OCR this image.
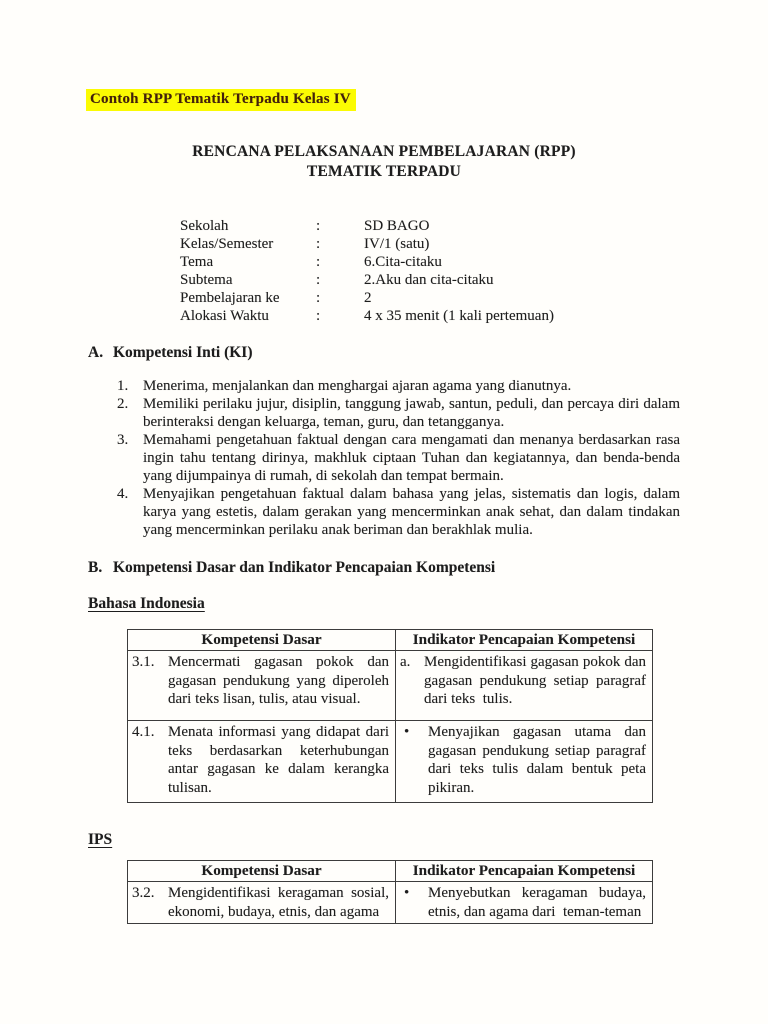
Contoh RPP Tematik Terpadu Kelas IV
RENCANA PELAKSANAAN PEMBELAJARAN (RPP)
TEMATIK TERPADU
Sekolah	:	SD BAGO
Kelas/Semester	:	IV/1 (satu)
Tema	:	6.Cita-citaku
Subtema	:	2.Aku dan cita-citaku
Pembelajaran ke	:	2
Alokasi Waktu	:	4 x 35 menit (1 kali pertemuan)
A. Kompetensi Inti (KI)
1. Menerima, menjalankan dan menghargai ajaran agama yang dianutnya.
2. Memiliki perilaku jujur, disiplin, tanggung jawab, santun, peduli, dan percaya diri dalam berinteraksi dengan keluarga, teman, guru, dan tetangganya.
3. Memahami pengetahuan faktual dengan cara mengamati dan menanya berdasarkan rasa ingin tahu tentang dirinya, makhluk ciptaan Tuhan dan kegiatannya, dan benda-benda yang dijumpainya di rumah, di sekolah dan tempat bermain.
4. Menyajikan pengetahuan faktual dalam bahasa yang jelas, sistematis dan logis, dalam karya yang estetis, dalam gerakan yang mencerminkan anak sehat, dan dalam tindakan yang mencerminkan perilaku anak beriman dan berakhlak mulia.
B. Kompetensi Dasar dan Indikator Pencapaian Kompetensi
Bahasa Indonesia
Kompetensi Dasar	Indikator Pencapaian Kompetensi

3.1. Mencermati gagasan pokok dan gagasan pendukung yang diperoleh dari teks lisan, tulis, atau visual.	a. Mengidentifikasi gagasan pokok dan gagasan pendukung setiap paragraf dari teks  tulis.

4.1. Menata informasi yang didapat dari teks berdasarkan keterhubungan antar gagasan ke dalam kerangka tulisan.	• Menyajikan gagasan utama dan gagasan pendukung setiap paragraf dari teks tulis dalam bentuk peta pikiran.
IPS
Kompetensi Dasar	Indikator Pencapaian Kompetensi

3.2. Mengidentifikasi keragaman sosial, ekonomi, budaya, etnis, dan agama	• Menyebutkan keragaman budaya, etnis, dan agama dari  teman-teman
